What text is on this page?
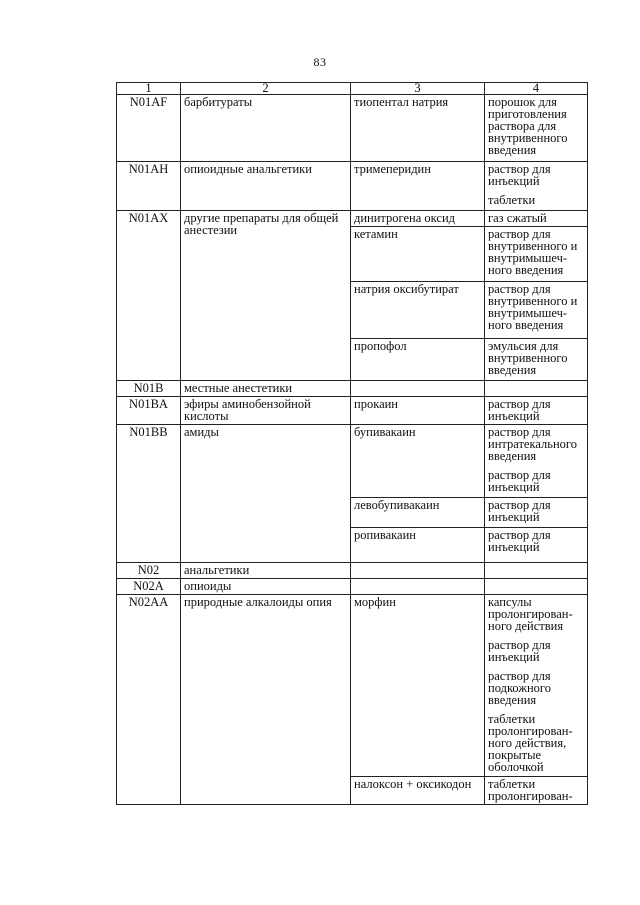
83
1	2	3	4
N01AF	барбитураты	тиопентал натрия	порошок для приготовления раствора для внутривенного введения
N01AH	опиоидные анальгетики	тримеперидин	раствор для инъекций
таблетки

N01AX	другие препараты для общей анестезии	динитрогена оксид	газ сжатый
		кетамин	раствор для внутривенного и внутримышеч-ного введения
		натрия оксибутират	раствор для внутривенного и внутримышеч-ного введения
		пропофол	эмульсия для внутривенного введения
N01B	местные анестетики		
N01BA	эфиры аминобензойной кислоты	прокаин	раствор для инъекций
N01BB	амиды	бупивакаин	раствор для интратекального введения
раствор для инъекций

		левобупивакаин	раствор для инъекций
		ропивакаин	раствор для инъекций
N02	анальгетики		
N02A	опиоиды		
N02AA	природные алкалоиды опия	морфин	капсулы пролонгирован-ного действия
раствор для инъекций
раствор для подкожного введения
таблетки пролонгирован-ного действия, покрытые оболочкой

		налоксон + оксикодон	таблетки пролонгирован-
